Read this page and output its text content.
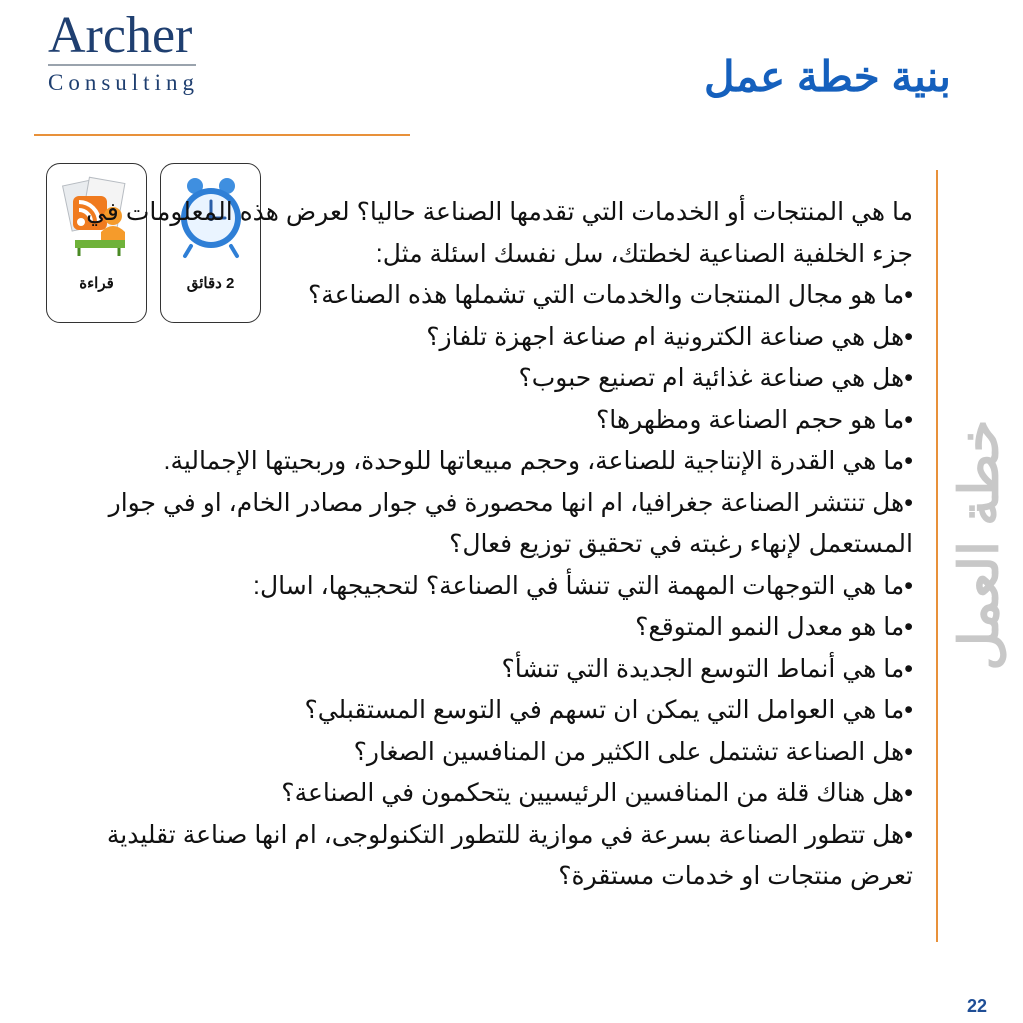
Archer
Consulting	بنية خطة عمل
خطة العمل
قراءة	2 دقائق
ما هي المنتجات أو الخدمات التي تقدمها الصناعة حاليا؟ لعرض هذه المعلومات في جزء الخلفية الصناعية لخطتك، سل نفسك اسئلة مثل:
•ما هو مجال المنتجات والخدمات التي تشملها هذه الصناعة؟
•هل هي صناعة الكترونية ام صناعة اجهزة تلفاز؟
•هل هي صناعة غذائية ام تصنيع حبوب؟
•ما هو حجم الصناعة ومظهرها؟
•ما هي القدرة الإنتاجية للصناعة، وحجم مبيعاتها للوحدة، وربحيتها الإجمالية.
•هل تنتشر الصناعة جغرافيا، ام انها محصورة في جوار مصادر الخام، او في جوار المستعمل لإنهاء رغبته في تحقيق توزيع فعال؟
•ما هي التوجهات المهمة التي تنشأ في الصناعة؟ لتحجيجها، اسال:
•ما هو معدل النمو المتوقع؟
•ما هي أنماط التوسع الجديدة التي تنشأ؟
•ما هي العوامل التي يمكن ان تسهم في التوسع المستقبلي؟
•هل الصناعة تشتمل على الكثير من المنافسين الصغار؟
•هل هناك قلة من المنافسين الرئيسيين يتحكمون في الصناعة؟
•هل تتطور الصناعة بسرعة في موازية للتطور التكنولوجى، ام انها صناعة تقليدية تعرض منتجات او خدمات مستقرة؟
22
